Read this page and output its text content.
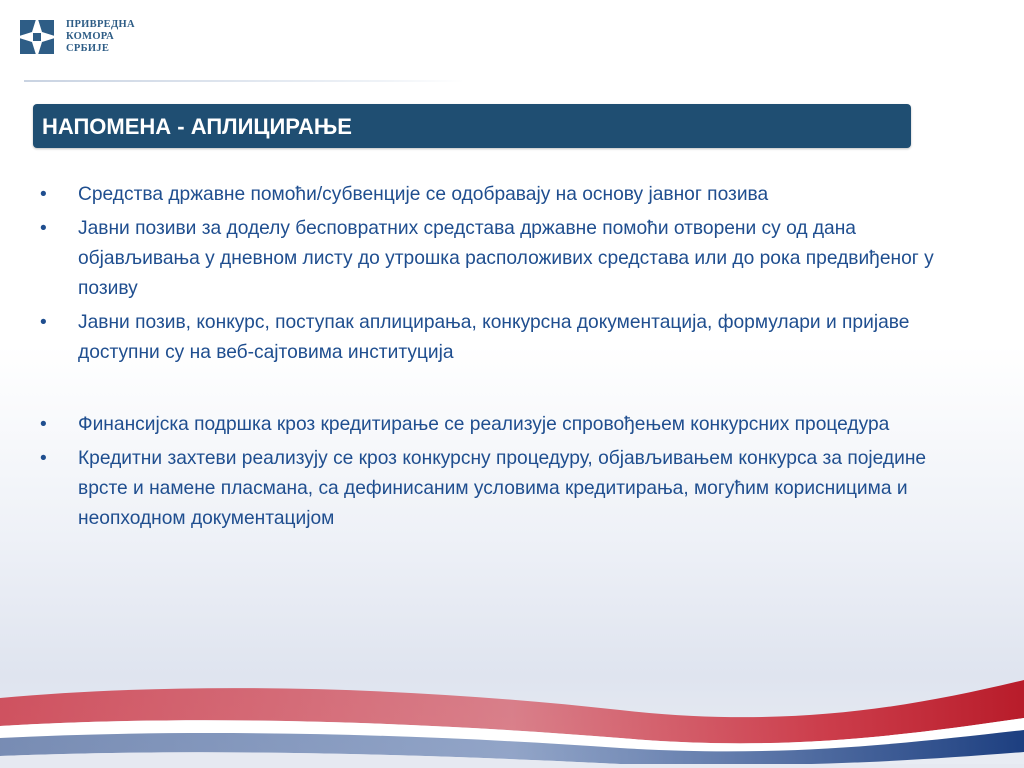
ПРИВРЕДНА
КОМОРА
СРБИЈЕ
НАПОМЕНА - АПЛИЦИРАЊЕ
• Средства државне помоћи/субвенције се одобравају на основу јавног позива
• Јавни позиви за доделу бесповратних средстава државне помоћи отворени су од дана објављивања у дневном листу до утрошка расположивих средстава или до рока предвиђеног у позиву
• Јавни позив, конкурс, поступак аплицирања, конкурсна документација, формулари и пријаве доступни су на веб-сајтовима институција
• Финансијска подршка кроз кредитирање се реализује спровођењем конкурсних процедура
• Кредитни захтеви реализују се кроз конкурсну процедуру, објављивањем конкурса за поједине врсте и намене пласмана, са дефинисаним условима кредитирања, могућим корисницима и неопходном документацијом
